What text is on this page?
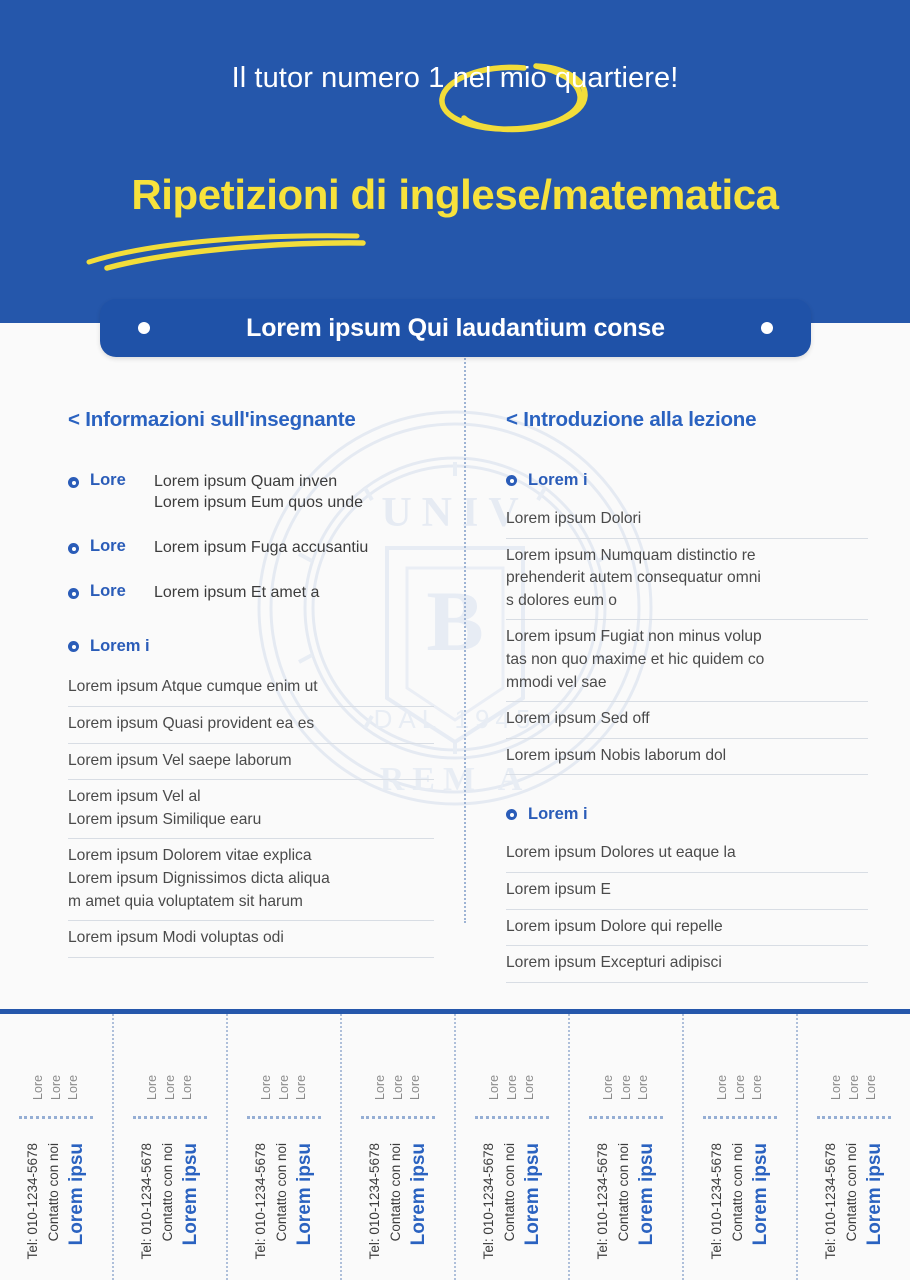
Il tutor numero 1 nel mio quartiere!
Ripetizioni di inglese/matematica
Lorem ipsum Qui laudantium conse
UNIV
B
DAL 1945
REM A
< Informazioni sull'insegnante
Lore	Lorem ipsum Quam inven
Lorem ipsum Eum quos unde
Lore	Lorem ipsum Fuga accusantiu
Lore	Lorem ipsum Et amet a
Lorem i
Lorem ipsum Atque cumque enim ut
Lorem ipsum Quasi provident ea es
Lorem ipsum Vel saepe laborum
Lorem ipsum Vel al
Lorem ipsum Similique earu
Lorem ipsum Dolorem vitae explica
Lorem ipsum Dignissimos dicta aliqua
m amet quia voluptatem sit harum
Lorem ipsum Modi voluptas odi
< Introduzione alla lezione
Lorem i
Lorem ipsum Dolori
Lorem ipsum Numquam distinctio re
prehenderit autem consequatur omni
s dolores eum o
Lorem ipsum Fugiat non minus volup
tas non quo maxime et hic quidem co
mmodi vel sae
Lorem ipsum Sed off
Lorem ipsum Nobis laborum dol
Lorem i
Lorem ipsum Dolores ut eaque la
Lorem ipsum E
Lorem ipsum Dolore qui repelle
Lorem ipsum Excepturi adipisci
Lore
Lore
Lore
Lorem ipsu
Contatto con noi
Tel: 010-1234-5678
Lore
Lore
Lore
Lorem ipsu
Contatto con noi
Tel: 010-1234-5678
Lore
Lore
Lore
Lorem ipsu
Contatto con noi
Tel: 010-1234-5678
Lore
Lore
Lore
Lorem ipsu
Contatto con noi
Tel: 010-1234-5678
Lore
Lore
Lore
Lorem ipsu
Contatto con noi
Tel: 010-1234-5678
Lore
Lore
Lore
Lorem ipsu
Contatto con noi
Tel: 010-1234-5678
Lore
Lore
Lore
Lorem ipsu
Contatto con noi
Tel: 010-1234-5678
Lore
Lore
Lore
Lorem ipsu
Contatto con noi
Tel: 010-1234-5678
